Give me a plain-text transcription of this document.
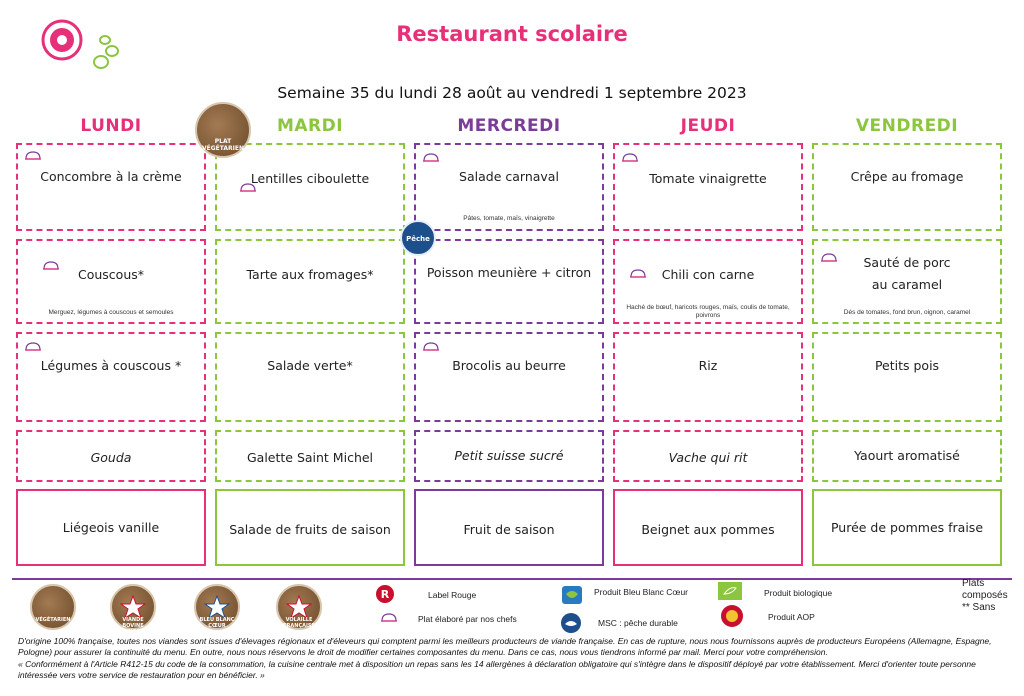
Restaurant scolaire
Semaine 35 du lundi 28 août au vendredi 1 septembre 2023
LUNDI	MARDI	MERCREDI	JEUDI	VENDREDI
Concombre à la crème
Couscous*
Merguez, légumes à couscous et semoules
Légumes à couscous *
Gouda
Liégeois vanille
Lentilles ciboulette
Tarte aux fromages*
Salade verte*
Galette Saint Michel
Salade de fruits de saison
Salade carnaval
Pâtes, tomate, maïs, vinaigrette
Poisson meunière + citron
Brocolis au beurre
Petit suisse sucré
Fruit de saison
Tomate vinaigrette
Chili con carne
Haché de bœuf, haricots rouges, maïs, coulis de tomate, poivrons
Riz
Vache qui rit
Beignet aux pommes
Crêpe au fromage
Sauté de porc
au caramel
Dés de tomates, fond brun, oignon, caramel
Petits pois
Yaourt aromatisé
Purée de pommes fraise
PLAT VÉGÉTARIEN
Pêche
VÉGÉTARIEN	VIANDE BOVINE FRANÇAISE
BLEU BLANC CŒUR
VOLAILLE FRANÇAISE
R	Label Rouge
Plat élaboré par nos chefs
Produit Bleu Blanc Cœur
MSC : pêche durable
Produit biologique
Produit AOP
Plats composés ** Sans
D'origine 100% française, toutes nos viandes sont issues d'élevages régionaux et d'éleveurs qui comptent parmi les meilleurs producteurs de viande française. En cas de rupture, nous nous fournissons auprès de producteurs Européens (Allemagne, Espagne, Pologne) pour assurer la continuité du menu. En outre, nous nous réservons le droit de modifier certaines composantes du menu. Dans ce cas, nous vous tiendrons informé par mail. Merci pour votre compréhension.
« Conformément à l'Article R412-15 du code de la consommation, la cuisine centrale met à disposition un repas sans les 14 allergènes à déclaration obligatoire qui s'intègre dans le dispositif déployé par votre établissement. Merci d'orienter toute personne intéressée vers votre service de restauration pour en bénéficier. »
